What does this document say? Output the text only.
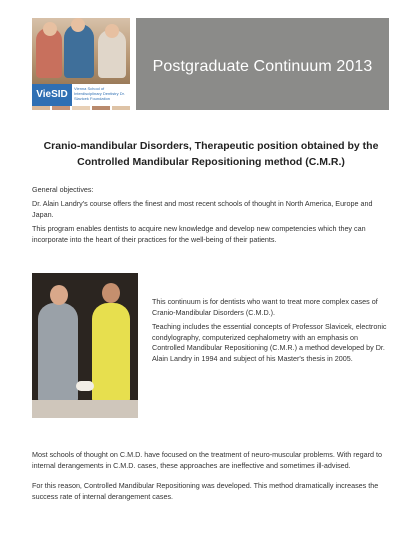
VieSID
Vienna School of Interdisciplinary Dentistry Dr. Slavicek Foundation
Postgraduate Continuum 2013
Cranio-mandibular Disorders, Therapeutic position obtained by the Controlled Mandibular Repositioning method (C.M.R.)

General objectives:

Dr. Alain Landry's course offers the finest and most recent schools of thought in North America, Europe and Japan.

This program enables dentists to acquire new knowledge and develop new competencies which they can incorporate into the heart of their practices for the well-being of their patients.

This continuum is for dentists who want to treat more complex cases of Cranio-Mandibular Disorders (C.M.D.).

Teaching includes the essential concepts of Professor Slavicek, electronic condylography, computerized cephalometry with an emphasis on Controlled Mandibular Repositioning (C.M.R.) a method developed by Dr. Alain Landry in 1994 and subject of his Master's thesis in 2005.

Most schools of thought on C.M.D. have focused on the treatment of neuro-muscular problems. With regard to internal derangements in C.M.D. cases, these approaches are ineffective and sometimes ill-advised.

For this reason, Controlled Mandibular Repositioning was developed. This method dramatically increases the success rate of internal derangement cases.
